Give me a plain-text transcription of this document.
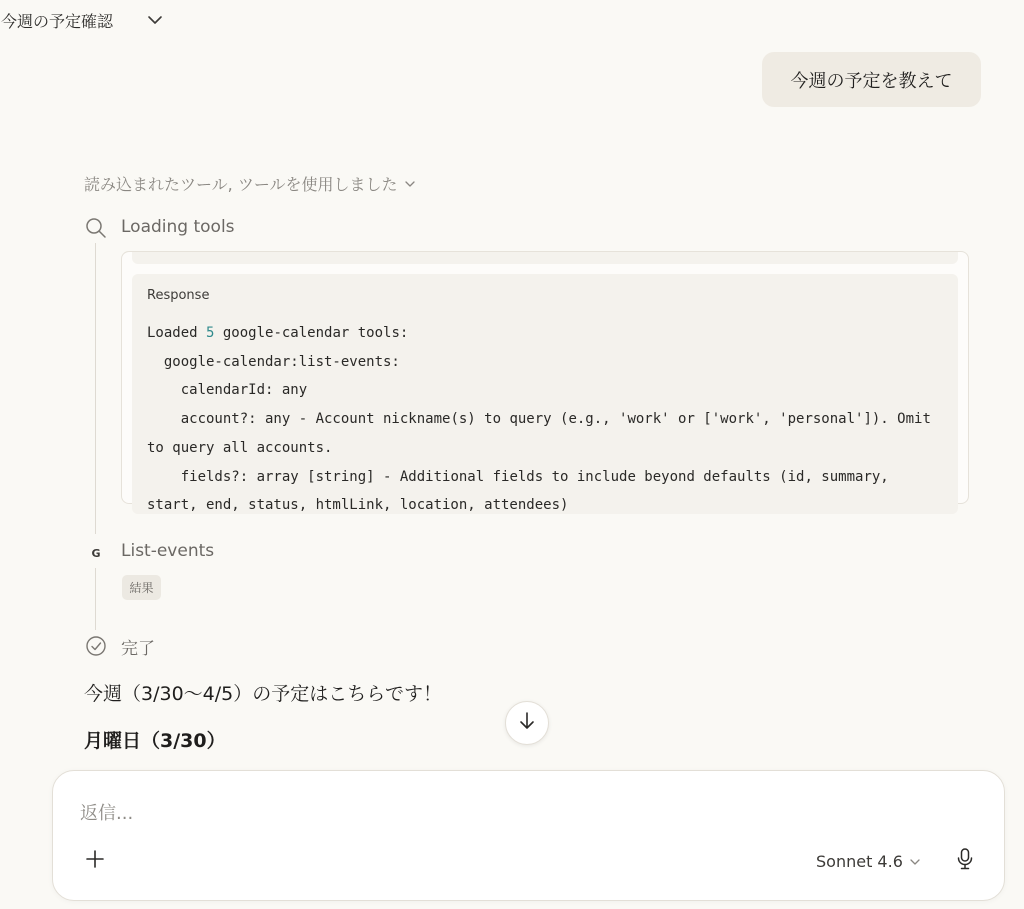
今週の予定確認
今週の予定を教えて
読み込まれたツール, ツールを使用しました
Loading tools
Response
Loaded 5 google-calendar tools:
google-calendar:list-events:
calendarId: any
account?: any - Account nickname(s) to query (e.g., 'work' or ['work', 'personal']). Omit to query all accounts.
fields?: array [string] - Additional fields to include beyond defaults (id, summary, start, end, status, htmlLink, location, attendees)
G List-events
結果
完了
今週（3/30〜4/5）の予定はこちらです！
月曜日（3/30）
返信...
Sonnet 4.6
